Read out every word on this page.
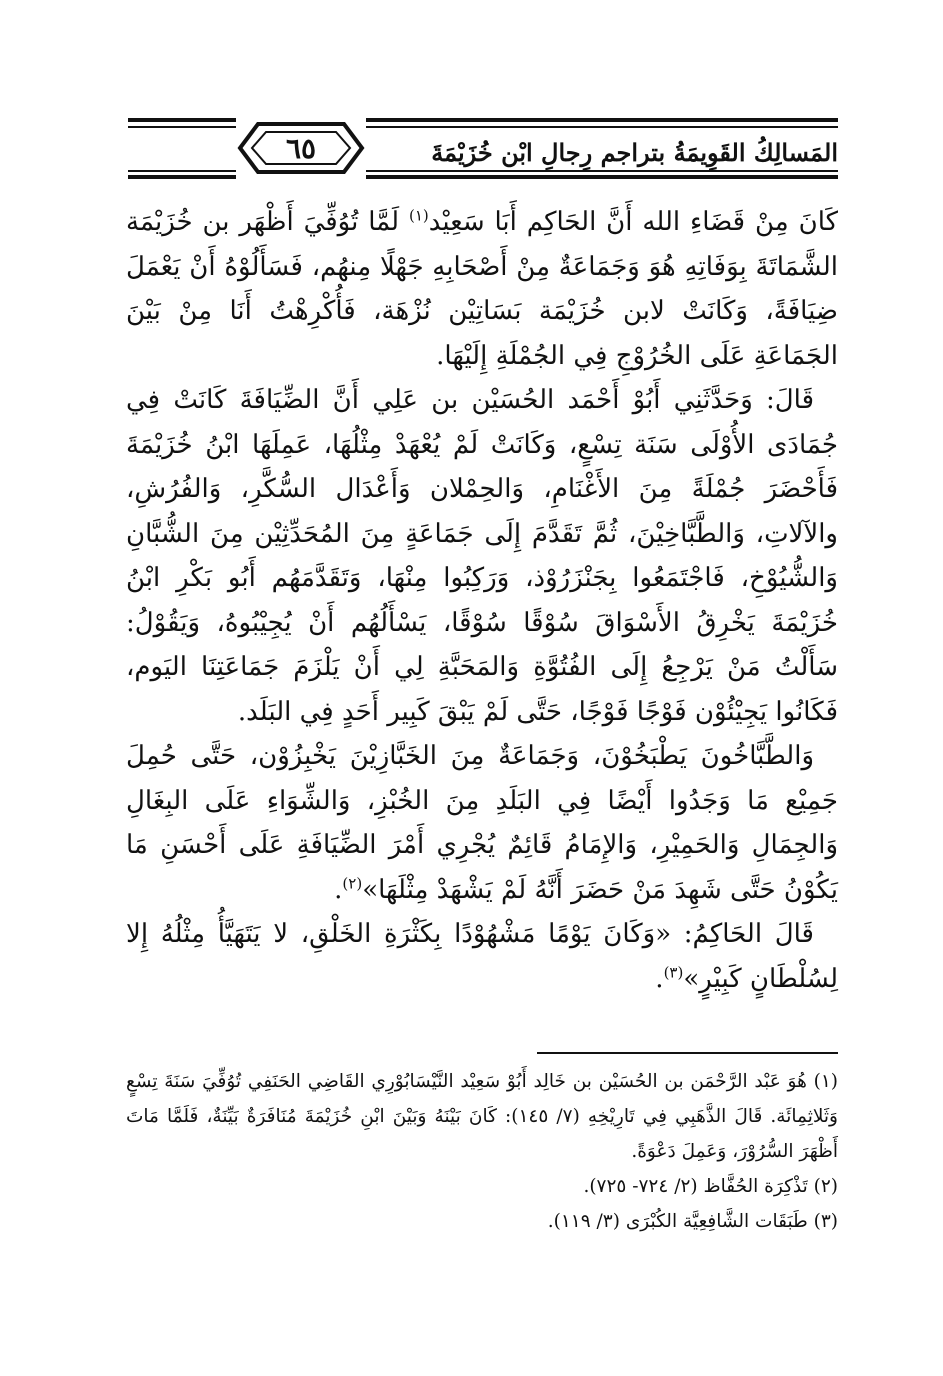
٦٥	المَسالِكُ القَوِيمَةُ بتراجم رِجالِ ابْن خُزَيْمَةَ

كَانَ مِنْ قَضَاءِ الله أَنَّ الحَاكِم أَبَا سَعِيْد$^{(١)}$ لَمَّا تُوُفِّيَ أَظْهَر بن خُزَيْمَة الشَّمَاتَةَ بِوَفَاتِهِ هُوَ وَجَمَاعَةٌ مِنْ أَصْحَابِهِ جَهْلًا مِنهُم، فَسَأَلُوْهُ أَنْ يَعْمَلَ ضِيَافَةً، وَكَانَتْ لابن خُزَيْمَة بَسَاتِيْن نُزْهَة، فَأُكْرِهْتُ أَنَا مِنْ بَيْنَ الجَمَاعَةِ عَلَى الخُرُوْجِ فِي الجُمْلَةِ إِلَيْهَا.

قَالَ: وَحَدَّثَنِي أَبُوْ أَحْمَد الحُسَيْن بن عَلِي أَنَّ الضِّيَافَةَ كَانَتْ فِي جُمَادَى الأُوْلَى سَنَة تِسْعٍ، وَكَانَتْ لَمْ يُعْهَدْ مِثْلُهَا، عَمِلَهَا ابْنُ خُزَيْمَةَ فَأَحْضَرَ جُمْلَةً مِنَ الأَغْنَامِ، وَالحِمْلان وَأَعْدَال السُّكَّرِ، وَالفُرُشِ، والآلاتِ، وَالطَّبَّاخِيْنَ، ثُمَّ تَقَدَّمَ إِلَى جَمَاعَةٍ مِنَ المُحَدِّثِيْن مِنَ الشُّبَّانِ وَالشُّيُوْخِ، فَاجْتَمَعُوا بِجَنْزَرُوْذ، وَرَكِبُوا مِنْهَا، وَتَقَدَّمَهُم أَبُو بَكْرِ ابْنُ خُزَيْمَةَ يَخْرِقُ الأَسْوَاقَ سُوْقًا سُوْقًا، يَسْأَلُهُم أَنْ يُجِيْبُوهُ، وَيَقُوْلُ: سَأَلْتُ مَنْ يَرْجِعُ إِلَى الفُتُوَّةِ وَالمَحَبَّةِ لِي أَنْ يَلْزَمَ جَمَاعَتِنَا اليَوم، فَكَانُوا يَجِيْئُوْن فَوْجًا فَوْجًا، حَتَّى لَمْ يَبْقَ كَبِير أَحَدٍ فِي البَلَد.

وَالطَّبَّاخُونَ يَطْبَخُوْنَ، وَجَمَاعَةٌ مِنَ الخَبَّازِيْنَ يَخْبِزُوْن، حَتَّى حُمِلَ جَمِيْع مَا وَجَدُوا أَيْضًا فِي البَلَدِ مِنَ الخُبْزِ، وَالشِّوَاءِ عَلَى البِغَالِ وَالجِمَالِ وَالحَمِيْرِ، وَالإِمَامُ قَائِمٌ يُجْرِي أَمْرَ الضِّيَافَةِ عَلَى أَحْسَنِ مَا يَكُوْنُ حَتَّى شَهِدَ مَنْ حَضَرَ أَنَّهُ لَمْ يَشْهَدْ مِثْلَهَا»$^{(٢)}$.

قَالَ الحَاكِمُ: «وَكَانَ يَوْمًا مَشْهُوْدًا بِكَثْرَةِ الخَلْقِ، لا يَتَهَيَّأُ مِثْلُهُ إِلا لِسُلْطَانٍ كَبِيْرٍ»$^{(٣)}$.

(١) هُوَ عَبْد الرَّحْمَن بن الحُسَيْن بن خَالِد أَبُوْ سَعِيْد النَّيْسَابُوْرِي القَاضِي الحَنَفِي تُوُفِّيَ سَنَةَ تِسْعٍ وَثَلاثِمِائَة. قَالَ الذَّهَبِي فِي تَارِيْخِهِ (٧/ ١٤٥): كَانَ بَيْنَهُ وَبَيْنَ ابْنِ خُزَيْمَةَ مُنَافَرَةٌ بَيِّنَةٌ، فَلَمَّا مَاتَ أَظْهَرَ السُّرُوْرَ، وَعَمِلَ دَعْوَةً.

(٢) تَذْكِرَة الحُفَّاظ (٢/ ٧٢٤- ٧٢٥).

(٣) طَبَقَات الشَّافِعِيَّة الكُبْرَى (٣/ ١١٩).
